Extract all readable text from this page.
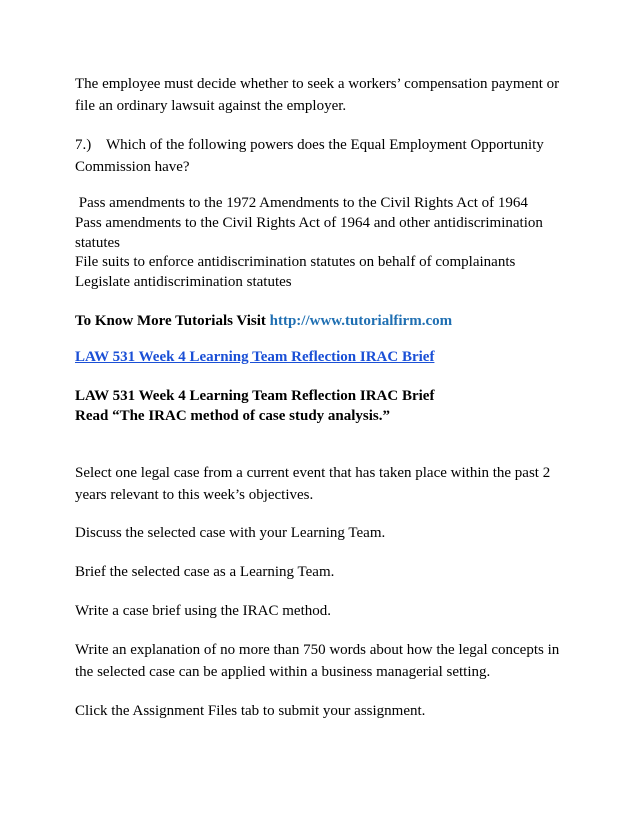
The employee must decide whether to seek a workers’ compensation payment or
file an ordinary lawsuit against the employer.
7.)    Which of the following powers does the Equal Employment Opportunity
Commission have?
Pass amendments to the 1972 Amendments to the Civil Rights Act of 1964
Pass amendments to the Civil Rights Act of 1964 and other antidiscrimination
statutes
File suits to enforce antidiscrimination statutes on behalf of complainants
Legislate antidiscrimination statutes
To Know More Tutorials Visit http://www.tutorialfirm.com
LAW 531 Week 4 Learning Team Reflection IRAC Brief
LAW 531 Week 4 Learning Team Reflection IRAC Brief
Read “The IRAC method of case study analysis.”
Select one legal case from a current event that has taken place within the past 2
years relevant to this week’s objectives.
Discuss the selected case with your Learning Team.
Brief the selected case as a Learning Team.
Write a case brief using the IRAC method.
Write an explanation of no more than 750 words about how the legal concepts in
the selected case can be applied within a business managerial setting.
Click the Assignment Files tab to submit your assignment.
